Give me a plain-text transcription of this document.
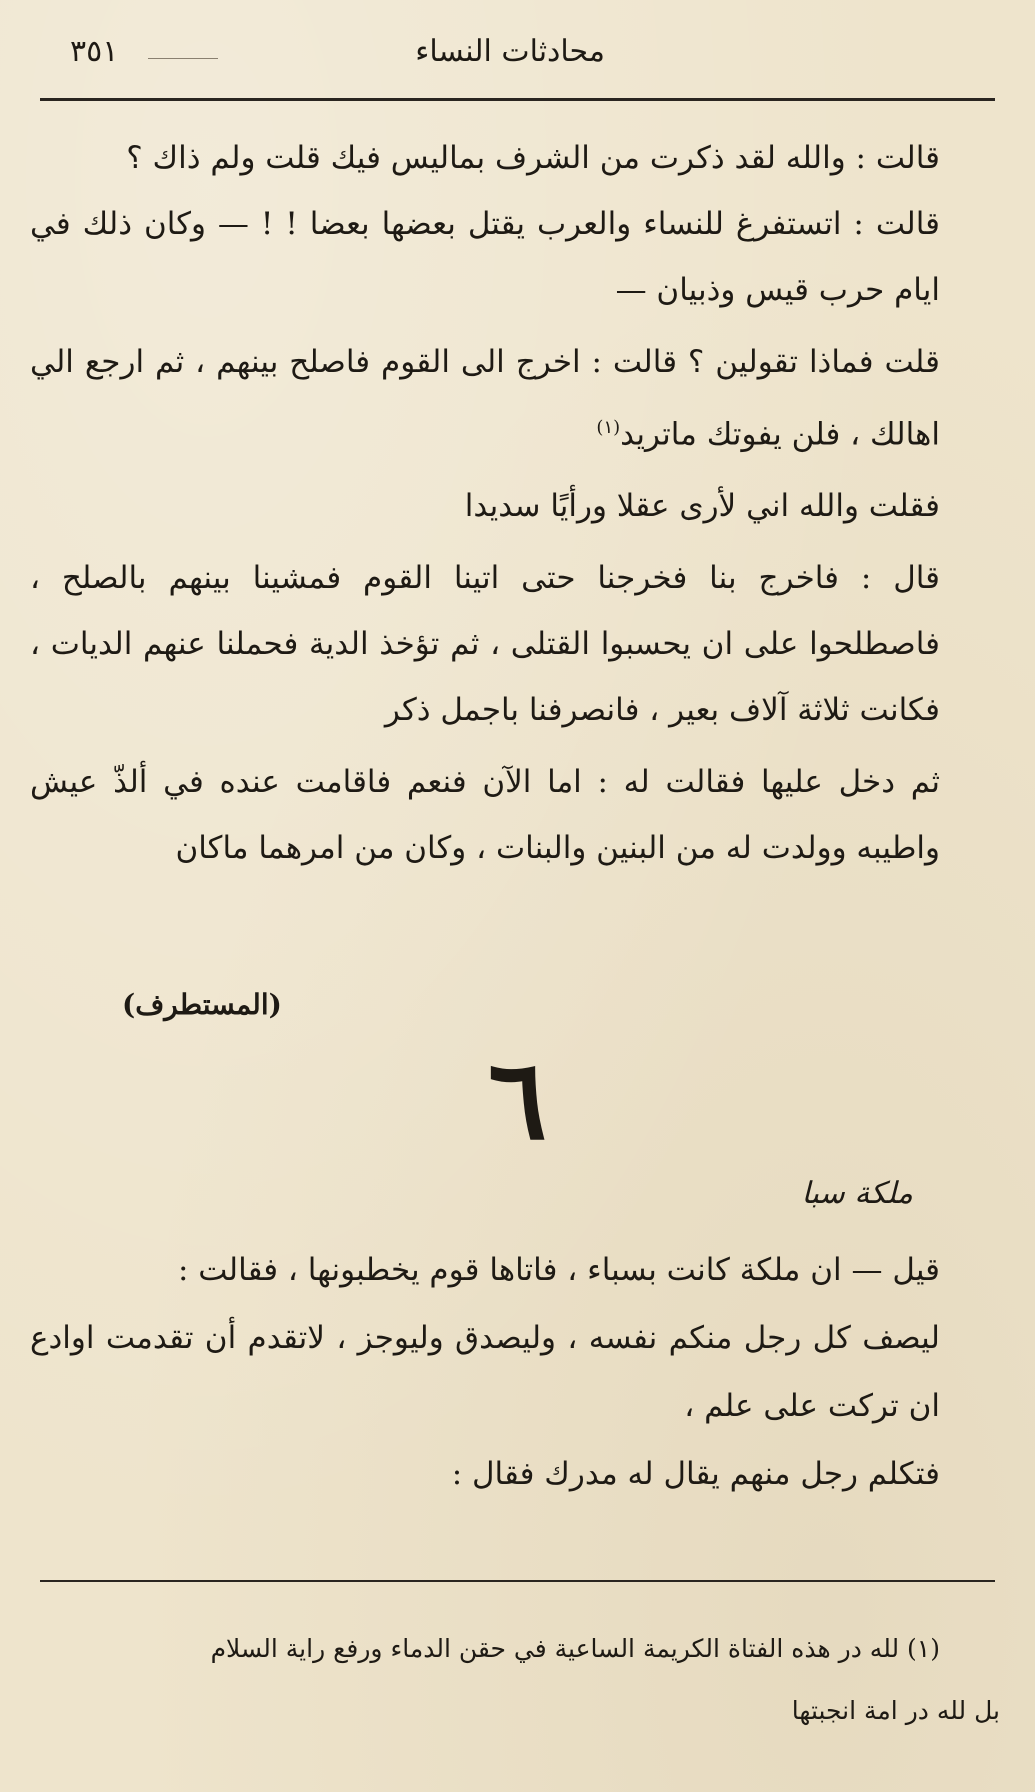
محادثات النساء
٣٥١

قالت : والله لقد ذكرت من الشرف بماليس فيك قلت ولم ذاك ؟

قالت : اتستفرغ للنساء والعرب يقتل بعضها بعضا ! ! — وكان ذلك في ايام حرب قيس وذبيان —

قلت فماذا تقولين ؟ قالت : اخرج الى القوم فاصلح بينهم ، ثم ارجع الي اهالك ، فلن يفوتك ماتريد$^{(١)}$

فقلت والله اني لأرى عقلا ورأيًا سديدا

قال : فاخرج بنا فخرجنا حتى اتينا القوم فمشينا بينهم بالصلح ، فاصطلحوا على ان يحسبوا القتلى ، ثم تؤخذ الدية فحملنا عنهم الديات ، فكانت ثلاثة آلاف بعير ، فانصرفنا باجمل ذكر

ثم دخل عليها فقالت له : اما الآن فنعم فاقامت عنده في ألذّ عيش واطيبه وولدت له من البنين والبنات ، وكان من امرهما ماكان

(المستطرف)
٦
ملكة سبا

قيل — ان ملكة كانت بسباء ، فاتاها قوم يخطبونها ، فقالت :

ليصف كل رجل منكم نفسه ، وليصدق وليوجز ، لاتقدم أن تقدمت اوادع ان تركت على علم ،

فتكلم رجل منهم يقال له مدرك فقال :

(١) لله در هذه الفتاة الكريمة الساعية في حقن الدماء ورفع راية السلام

بل لله در امة انجبتها
